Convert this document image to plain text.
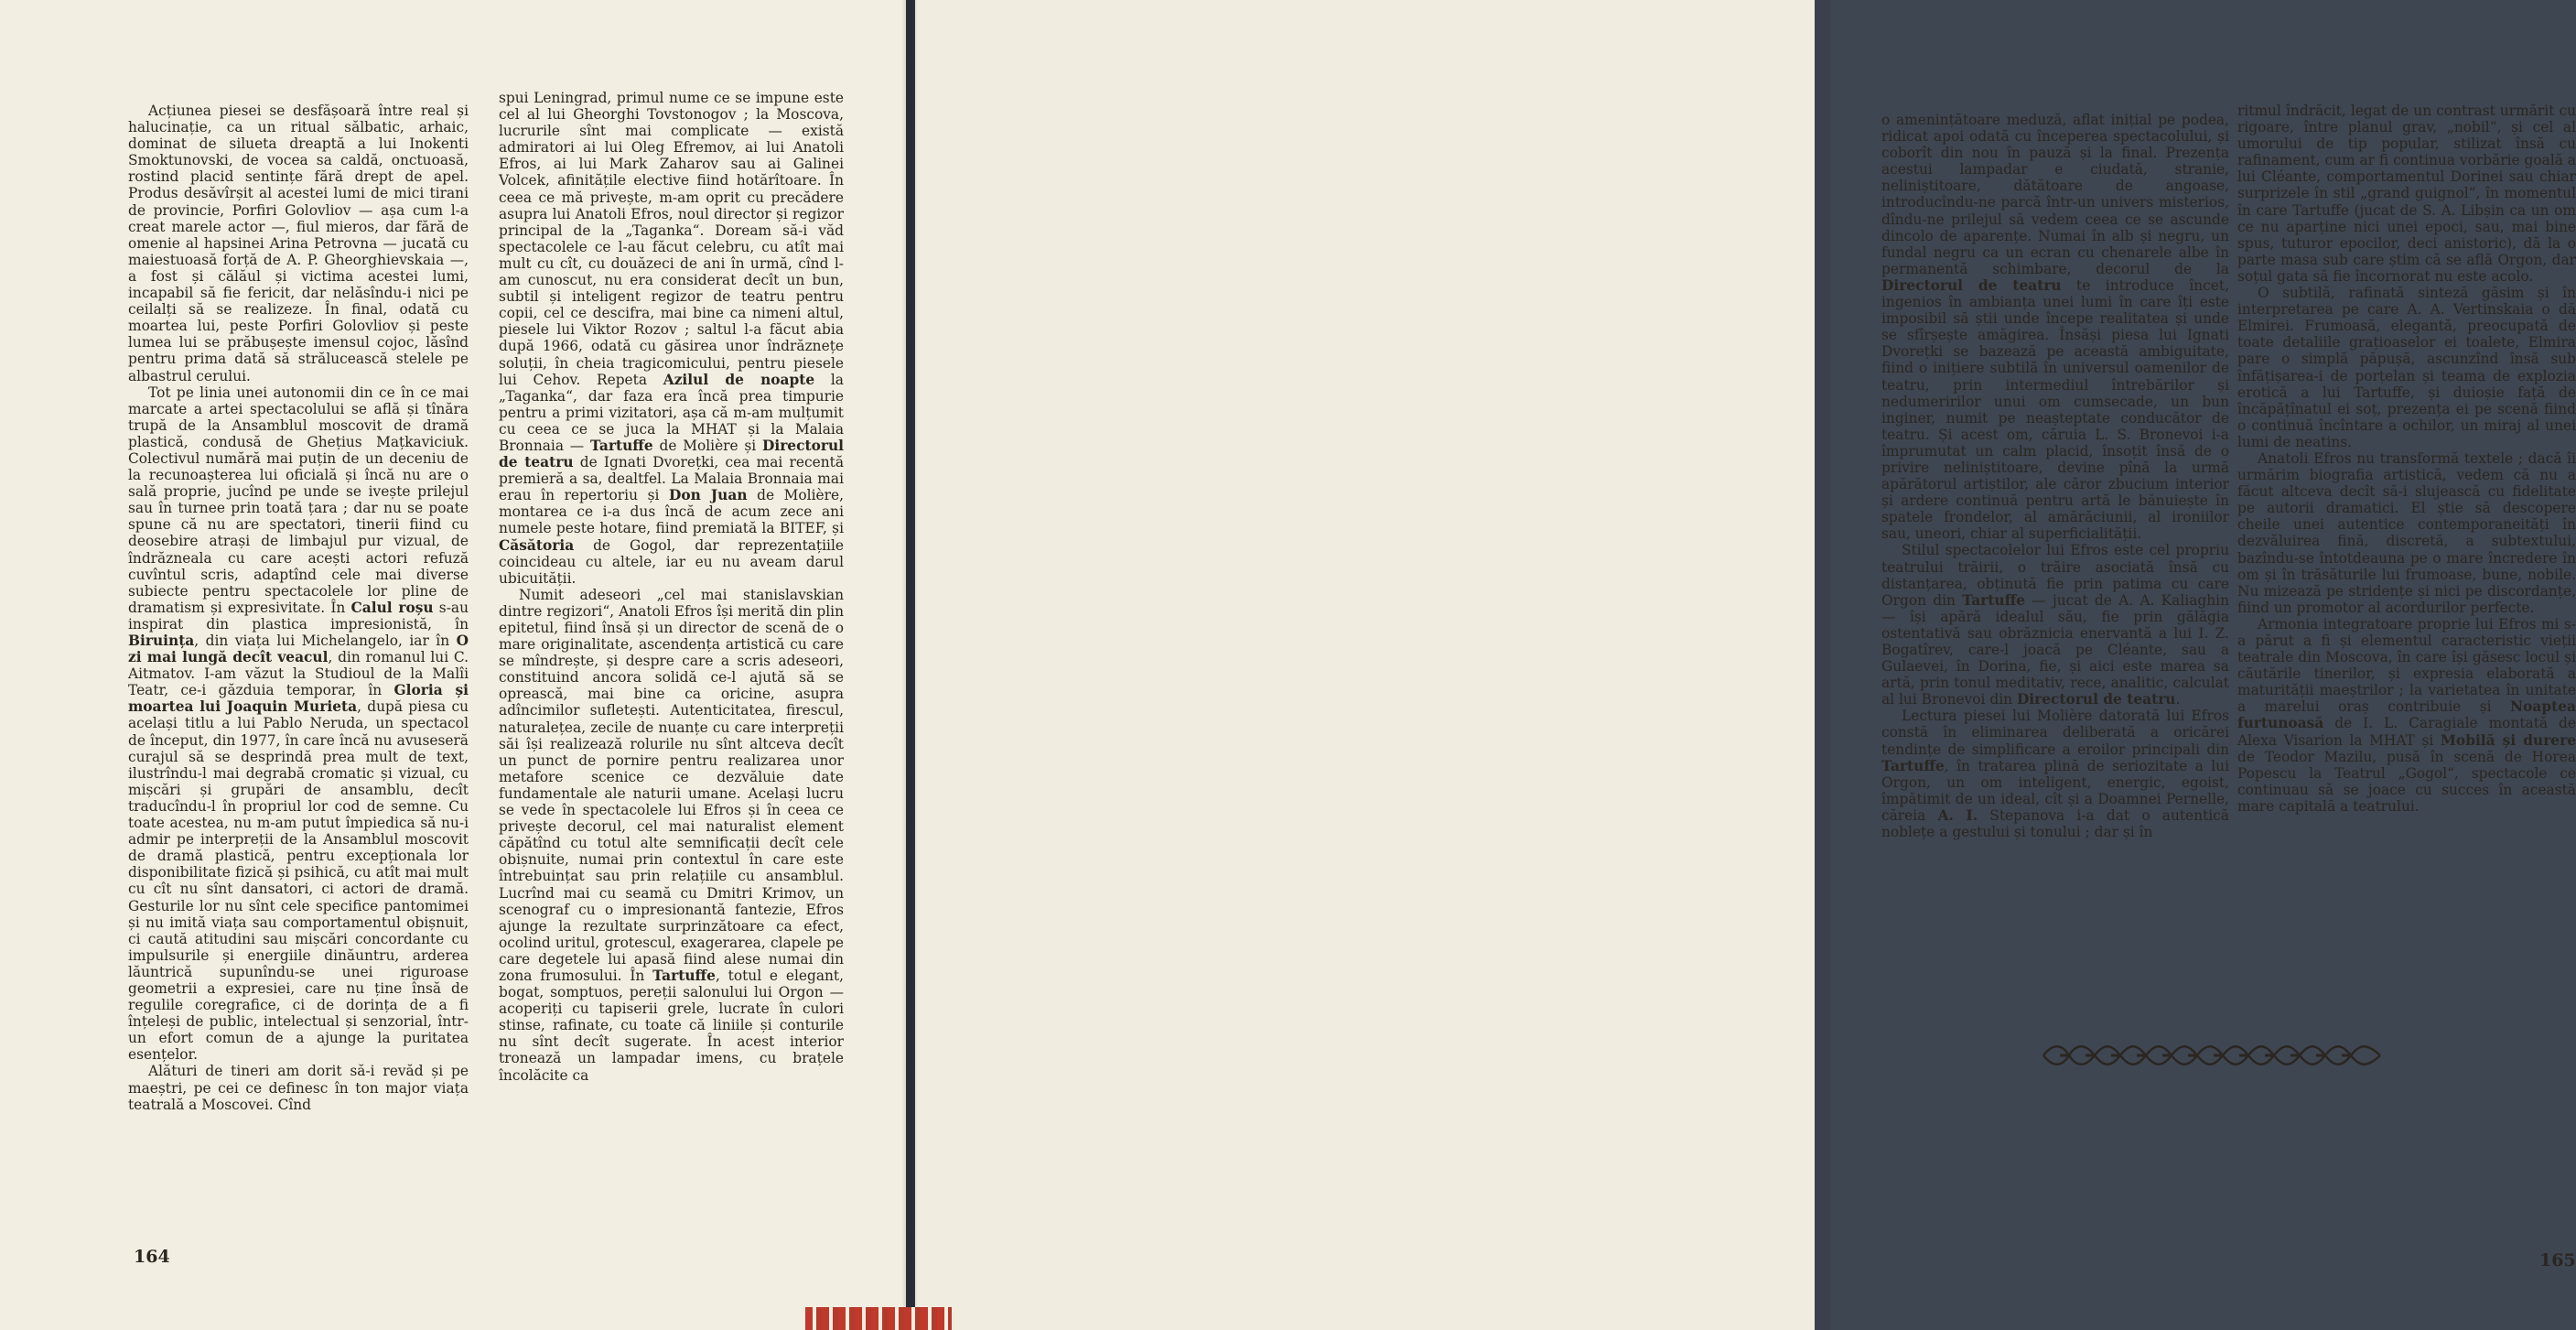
Acțiunea piesei se desfășoară între real și halucinație, ca un ritual sălbatic, arhaic, dominat de silueta dreaptă a lui Inokenti Smoktunovski, de vocea sa caldă, onctuoasă, rostind placid sentințe fără drept de apel. Produs desăvîrșit al acestei lumi de mici tirani de provincie, Porfiri Golovliov — așa cum l-a creat marele actor —, fiul mieros, dar fără de omenie al hapsinei Arina Petrovna — jucată cu maiestuoasă forță de A. P. Gheorghievskaia —, a fost și călăul și victima acestei lumi, incapabil să fie fericit, dar nelăsîndu-i nici pe ceilalți să se realizeze. În final, odată cu moartea lui, peste Porfiri Golovliov și peste lumea lui se prăbușește imensul cojoc, lăsînd pentru prima dată să strălucească stelele pe albastrul cerului.

Tot pe linia unei autonomii din ce în ce mai marcate a artei spectacolului se află și tînăra trupă de la Ansamblul moscovit de dramă plastică, condusă de Ghețius Mațkaviciuk. Colectivul numără mai puțin de un deceniu de la recunoașterea lui oficială și încă nu are o sală proprie, jucînd pe unde se ivește prilejul sau în turnee prin toată țara ; dar nu se poate spune că nu are spectatori, tinerii fiind cu deosebire atrași de limbajul pur vizual, de îndrăzneala cu care acești actori refuză cuvîntul scris, adaptînd cele mai diverse subiecte pentru spectacolele lor pline de dramatism și expresivitate. În Calul roșu s-au inspirat din plastica impresionistă, în Biruința, din viața lui Michelangelo, iar în O zi mai lungă decît veacul, din romanul lui C. Aitmatov. I-am văzut la Studioul de la Malîi Teatr, ce-i găzduia temporar, în Gloria și moartea lui Joaquin Murieta, după piesa cu același titlu a lui Pablo Neruda, un spectacol de început, din 1977, în care încă nu avuseseră curajul să se desprindă prea mult de text, ilustrîndu-l mai degrabă cromatic și vizual, cu mișcări și grupări de ansamblu, decît traducîndu-l în propriul lor cod de semne. Cu toate acestea, nu m-am putut împiedica să nu-i admir pe interpreții de la Ansamblul moscovit de dramă plastică, pentru excepționala lor disponibilitate fizică și psihică, cu atît mai mult cu cît nu sînt dansatori, ci actori de dramă. Gesturile lor nu sînt cele specifice pantomimei și nu imită viața sau comportamentul obișnuit, ci caută atitudini sau mișcări concordante cu impulsurile și energiile dinăuntru, ardereа lăuntrică supunîndu-se unei riguroase geometrii a expresiei, care nu ține însă de regulile coregrafice, ci de dorința de a fi înțeleși de public, intelectual și senzorial, într-un efort comun de a ajunge la puritatea esențelor.

Alături de tineri am dorit să-i revăd și pe maeștri, pe cei ce definesc în ton major viața teatrală a Moscovei. Cînd

spui Leningrad, primul nume ce se impune este cel al lui Gheorghi Tovstonogov ; la Moscova, lucrurile sînt mai complicate — există admiratori ai lui Oleg Efremov, ai lui Anatoli Efros, ai lui Mark Zaharov sau ai Galinei Volcek, afinitățile elective fiind hotărîtoare. În ceea ce mă privește, m-am oprit cu precădere asupra lui Anatoli Efros, noul director și regizor principal de la „Taganka“. Doream să-i văd spectacolele ce l-au făcut celebru, cu atît mai mult cu cît, cu douăzeci de ani în urmă, cînd l-am cunoscut, nu era considerat decît un bun, subtil și inteligent regizor de teatru pentru copii, cel ce descifra, mai bine ca nimeni altul, piesele lui Viktor Rozov ; saltul l-a făcut abia după 1966, odată cu găsirea unor îndrăznețe soluții, în cheia tragicomicului, pentru piesele lui Cehov. Repeta Azilul de noapte la „Taganka“, dar faza era încă prea timpurie pentru a primi vizitatori, așa că m-am mulțumit cu ceea ce se juca la MHAT și la Malaia Bronnaia — Tartuffe de Molière și Directorul de teatru de Ignati Dvorețki, cea mai recentă premieră a sa, dealtfel. La Malaia Bronnaia mai erau în repertoriu și Don Juan de Molière, montarea ce i-a dus încă de acum zece ani numele peste hotare, fiind premiată la BITEF, și Căsătoria de Gogol, dar reprezentațiile coincideau cu altele, iar eu nu aveam darul ubicuității.

Numit adeseori „cel mai stanislavskian dintre regizori“, Anatoli Efros își merită din plin epitetul, fiind însă și un director de scenă de o mare originalitate, ascendența artistică cu care se mîndrește, și despre care a scris adeseori, constituind ancora solidă ce-l ajută să se oprească, mai bine ca oricine, asupra adîncimilor sufletești. Autenticitatea, firescul, naturalețea, zecile de nuanțe cu care interpreții săi își realizează rolurile nu sînt altceva decît un punct de pornire pentru realizarea unor metafore scenice ce dezvăluie date fundamentale ale naturii umane. Același lucru se vede în spectacolele lui Efros și în ceea ce privește decorul, cel mai naturalist element căpătînd cu totul alte semnificații decît cele obișnuite, numai prin contextul în care este întrebuințat sau prin relațiile cu ansamblul. Lucrînd mai cu seamă cu Dmitri Krimov, un scenograf cu o impresionantă fantezie, Efros ajunge la rezultate surprinzătoare ca efect, ocolind uritul, grotescul, exagerarea, clapele pe care degetele lui apasă fiind alese numai din zona frumosului. În Tartuffe, totul e elegant, bogat, somptuos, pereții salonului lui Orgon — acoperiți cu tapiserii grele, lucrate în culori stinse, rafinate, cu toate că liniile și conturile nu sînt decît sugerate. În acest interior tronează un lampadar imens, cu brațele încolăcite ca

164

o amenințătoare meduză, aflat inițial pe podea, ridicat apoi odată cu începerea spectacolului, și coborît din nou în pauză și la final. Prezența acestui lampadar e ciudată, stranie, neliniștitoare, dătătoare de angoase, introducîndu-ne parcă într-un univers misterios, dîndu-ne prilejul să vedem ceea ce se ascunde dincolo de aparențe. Numai în alb și negru, un fundal negru ca un ecran cu chenarele albe în permanentă schimbare, decorul de la Directorul de teatru te introduce încet, ingenios în ambianța unei lumi în care îți este imposibil să știi unde începe realitatea și unde se sfîrșește amăgirea. Însăși piesa lui Ignati Dvorețki se bazează pe această ambiguitate, fiind o inițiere subtilă în universul oamenilor de teatru, prin intermediul întrebărilor și nedumeririlor unui om cumsecade, un bun inginer, numit pe neașteptate conducător de teatru. Și acest om, căruia L. S. Bronevoi i-a împrumutat un calm placid, însoțit însă de o privire neliniștitoare, devine pînă la urmă apărătorul artiștilor, ale căror zbucium interior și ardere continuă pentru artă le bănuiește în spatele frondelor, al amărăciunii, al ironiilor sau, uneori, chiar al superficialității.

Stilul spectacolelor lui Efros este cel propriu teatrului trăirii, o trăire asociată însă cu distanțarea, obținută fie prin patima cu care Orgon din Tartuffe — jucat de A. A. Kaliaghin — își apără idealul său, fie prin gălăgia ostentativă sau obrăznicia enervantă a lui I. Z. Bogatîrev, care-l joacă pe Cléante, sau a Gulaevei, în Dorina, fie, și aici este marea sa artă, prin tonul meditativ, rece, analitic, calculat al lui Bronevoi din Directorul de teatru.

Lectura piesei lui Molière datorată lui Efros constă în eliminarea deliberată a oricărei tendințe de simplificare a eroilor principali din Tartuffe, în tratarea plină de seriozitate a lui Orgon, un om inteligent, energic, egoist, împătimit de un ideal, cît și a Doamnei Pernelle, căreia A. I. Stepanova i-a dat o autentică noblețe a gestului și tonului ; dar și în

ritmul îndrăcit, legat de un contrast urmărit cu rigoare, între planul grav, „nobil“, și cel al umorului de tip popular, stilizat însă cu rafinament, cum ar fi continua vorbărie goală a lui Cléante, comportamentul Dorinei sau chiar surprizele în stil „grand guignol“, în momentul în care Tartuffe (jucat de S. A. Libșin ca un om ce nu aparține nici unei epoci, sau, mai bine spus, tuturor epocilor, deci anistoric), dă la o parte masa sub care știm că se află Orgon, dar soțul gata să fie încornorat nu este acolo.

O subtilă, rafinată sinteză găsim și în interpretarea pe care A. A. Vertinskaia o dă Elmirei. Frumoasă, elegantă, preocupată de toate detaliile grațioaselor ei toalete, Elmira pare o simplă păpușă, ascunzînd însă sub înfățișarea-i de porțelan și teama de explozia erotică a lui Tartuffe, și duioșie față de încăpățînatul ei soț, prezența ei pe scenă fiind o continuă încîntare a ochilor, un miraj al unei lumi de neatins.

Anatoli Efros nu transformă textele ; dacă îi urmărim biografia artistică, vedem că nu a făcut altceva decît să-i slujească cu fidelitate pe autorii dramatici. El știe să descopere cheile unei autentice contemporaneități în dezvăluirea fină, discretă, a subtextului, bazîndu-se întotdeauna pe o mare încredere în om și în trăsăturile lui frumoase, bune, nobile. Nu mizează pe stridențe și nici pe discordanțe, fiind un promotor al acordurilor perfecte.

Armonia integratoare proprie lui Efros mi s-a părut a fi și elementul caracteristic vieții teatrale din Moscova, în care își găsesc locul și căutările tinerilor, și expresia elaborată a maturității maeștrilor ; la varietatea în unitate a marelui oraș contribuie și Noaptea furtunoasă de I. L. Caragiale montată de Alexa Visarion la MHAT și Mobilă și durere de Teodor Mazilu, pusă în scenă de Horea Popescu la Teatrul „Gogol“, spectacole ce continuau să se joace cu succes în această mare capitală a teatrului.

165
